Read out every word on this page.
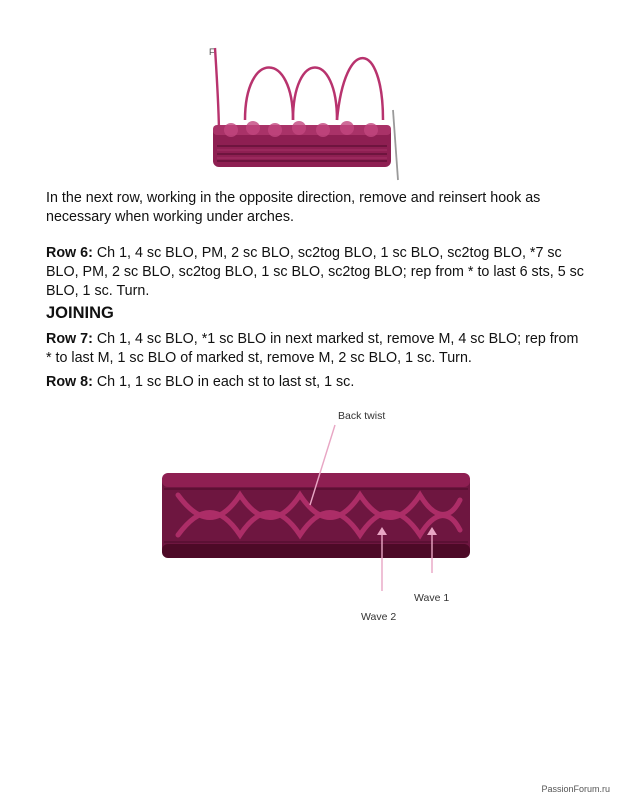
F

In the next row, working in the opposite direction, remove and reinsert hook as necessary when working under arches.

Row 6: Ch 1, 4 sc BLO, PM, 2 sc BLO, sc2tog BLO, 1 sc BLO, sc2tog BLO, *7 sc BLO, PM, 2 sc BLO, sc2tog BLO, 1 sc BLO, sc2tog BLO; rep from * to last 6 sts, 5 sc BLO, 1 sc. Turn.

JOINING

Row 7: Ch 1, 4 sc BLO, *1 sc BLO in next marked st, remove M, 4 sc BLO; rep from * to last M, 1 sc BLO of marked st, remove M, 2 sc BLO, 1 sc. Turn.

Row 8: Ch 1, 1 sc BLO in each st to last st, 1 sc.

Back twist
Wave 1
Wave 2
PassionForum.ru
